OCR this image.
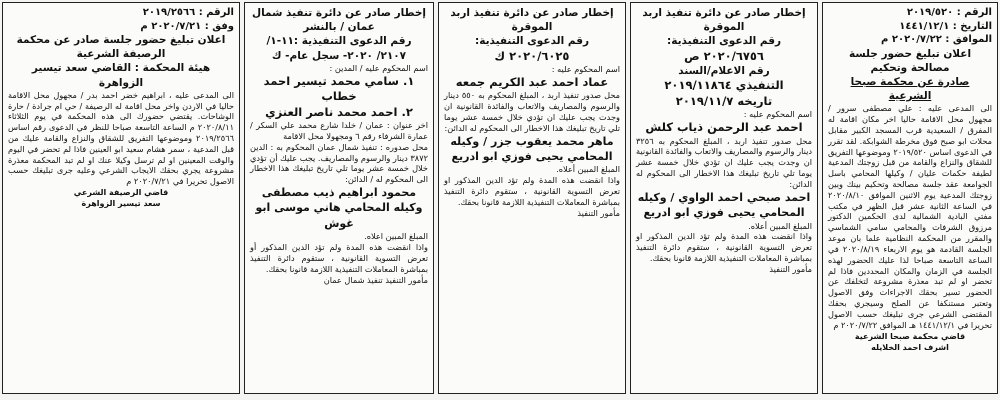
الرقم : ٢٠١٩/٥٢٠
التاريخ : ١٤٤١/١٢/١
الموافق : ٢٠٢٠/٧/٢٢ م
اعلان تبليغ حضور جلسة مصالحة وتحكيم
صادرة عن محكمة صبحا الشرعية

الى المدعى عليه : علي مصطفى سرور / مجهول محل الاقامة حاليا اخر مكان اقامة له المفرق / السعيدية قرب المسجد الكبير مقابل محلات ابو صبح فوق مخرطة الشوابكة. لقد تقرر في الدعوى اساس ٢٠١٩/٥٢٠ وموضوعها التفريق للشقاق والنزاع والقامة من قبل زوجتك المدعية لطيفة حكمات عليان / وكيلها المحامي باسل الجوامعة عقد جلسة مصالحة وتحكيم بينك وبين زوجتك المدعية يوم الاثنين الموافق ٢٠٢٠/٨/١٠ في الساعة الثانية عشر قبل الظهر في مكتب مفتي البادية الشمالية لدى الحكمين الدكتور مرزوق الشرفات والمحامي سامي الشماسي والمقرر من المحكمة النظامية علما بان موعد الجلسة القادمة هو يوم الاربعاء ٢٠٢٠/٨/١٩ في الساعة التاسعة صباحا لذا عليك الحضور لهذه الجلسة في الزمان والمكان المحددين فاذا لم تحضر او لم تبد معذرة مشروعة لتخلفك عن الحضور تسير بحقك الاجراءات وفق الاصول وتعتبر مستنكفا عن الصلح وسيجري بحقك المقتضى الشرعي جرى تبليغك حسب الاصول تحريرا في ١٤٤١/١٢/١ هـ الموافق ٢٠٢٠/٧/٢٢ م

قاضي محكمة صبحا الشرعية
اشرف احمد الخلايله
إخطار صادر عن دائرة تنفيذ اربد الموقرة
رقم الدعوى التنفيذية:
٢٠٢٠/٦٧٥٦ ص
رقم الاعلام/السند
التنفيذي ٢٠١٩/١١٨٦٤
تاريخه ٢٠١٩/١١/٧
اسم المحكوم عليه :
احمد عبد الرحمن ذياب كلش

محل صدور تنفيذ اربد ، المبلغ المحكوم به ٣٢٥٦ دينار والرسوم والمصاريف والاتعاب والفائدة القانونية ان وجدت يجب عليك ان تؤدي خلال خمسة عشر يوما تلي تاريخ تبليغك هذا الاخطار الى المحكوم له الدائن:

احمد صبحي احمد الواوي / وكيله المحامي يحيى فوزي ابو ادريع
المبلغ المبين أعلاه.

واذا انقضت هذه المدة ولم تؤد الدين المذكور او تعرض التسوية القانونية ، ستقوم دائرة التنفيذ بمباشرة المعاملات التنفيذية اللازمة قانونا بحقك.

مأمور التنفيذ
إخطار صادر عن دائرة تنفيذ اربد الموقرة
رقم الدعوى التنفيذية:
٢٠٢٠/٦٠٢٥ ك
اسم المحكوم عليه :
عماد احمد عبد الكريم جمعه

محل صدور تنفيذ اربد ، المبلغ المحكوم به ٥٥٠ دينار والرسوم والمصاريف والاتعاب والفائدة القانونية ان وجدت يجب عليك ان تؤدي خلال خمسة عشر يوما تلي تاريخ تبليغك هذا الاخطار الى المحكوم له الدائن:

ماهر محمد يعقوب جزر / وكيله المحامي يحيى فوزي ابو ادريع
المبلغ المبين أعلاه.

واذا انقضت هذه المدة ولم تؤد الدين المذكور او تعرض التسوية القانونية ، ستقوم دائرة التنفيذ بمباشرة المعاملات التنفيذية اللازمة قانونا بحقك.

مأمور التنفيذ
إخطار صادر عن دائرة تنفيذ شمال عمان / بالنشر
رقم الدعوى التنفيذية :١١-١/
٢١٠٧/ ٢٠٢٠- سجل عام- ك
اسم المحكوم عليه / المدين :
١. سامي محمد تيسير احمد خطاب
٢. احمد محمد ناصر العنزي

اخر عنوان : عمان / خلدا شارع محمد علي السكر / عمارة الشرفاء رقم ٦ ومجهولا محل الاقامة

محل صدوره : تنفيذ شمال عمان المحكوم به : الدين ٣٨٧٢ دينار والرسوم والمصاريف. يجب عليك أن تؤدي خلال خمسة عشر يوما تلي تاريخ تبليغك هذا الاخطار الى المحكوم له / الدائن:

محمود ابراهيم ذيب مصطفى وكيله المحامي هاني موسى ابو غوش
المبلغ المبين اعلاه.

واذا انقضت هذه المدة ولم تؤد الدين المذكور أو تعرض التسوية القانونية ، ستقوم دائرة التنفيذ بمباشرة المعاملات التنفيذية اللازمة قانونا بحقك.

مأمور التنفيذ تنفيذ شمال عمان
الرقم : ٢٠١٩/٢٥٦٦
وفق : ٢٠٢٠/٧/٢١ م
اعلان تبليغ حضور جلسة صادر عن محكمة الرصيفة الشرعية
هيئة المحكمة : القاضي سعد تيسير الزواهرة

الى المدعى عليه ، ابراهيم خضر احمد بدر / مجهول محل الاقامة حاليا في الاردن واخر محل اقامة له الرصيفة / حي ام جرادة / حارة الوشاحات. يقتضي حضورك الى هذه المحكمة في يوم الثلاثاء ٢٠٢٠/٨/١١ م الساعة التاسعة صباحا للنظر في الدعوى رقم اساس ٢٠١٩/٢٥٦٦ وموضوعها التفريق للشقاق والنزاع والقامة عليك من قبل المدعية ، سمر هشام سعيد ابو العينين فاذا لم تحضر في اليوم والوقت المعينين او لم ترسل وكيلا عنك او لم تبد المحكمة معذرة مشروعة يجري بحقك الايجاب الشرعي وعليه جرى تبليغك حسب الاصول تحريرا في ٢٠٢٠/٧/٢١ م

قاضي الرصيفة الشرعي
سعد تيسير الزواهرة
